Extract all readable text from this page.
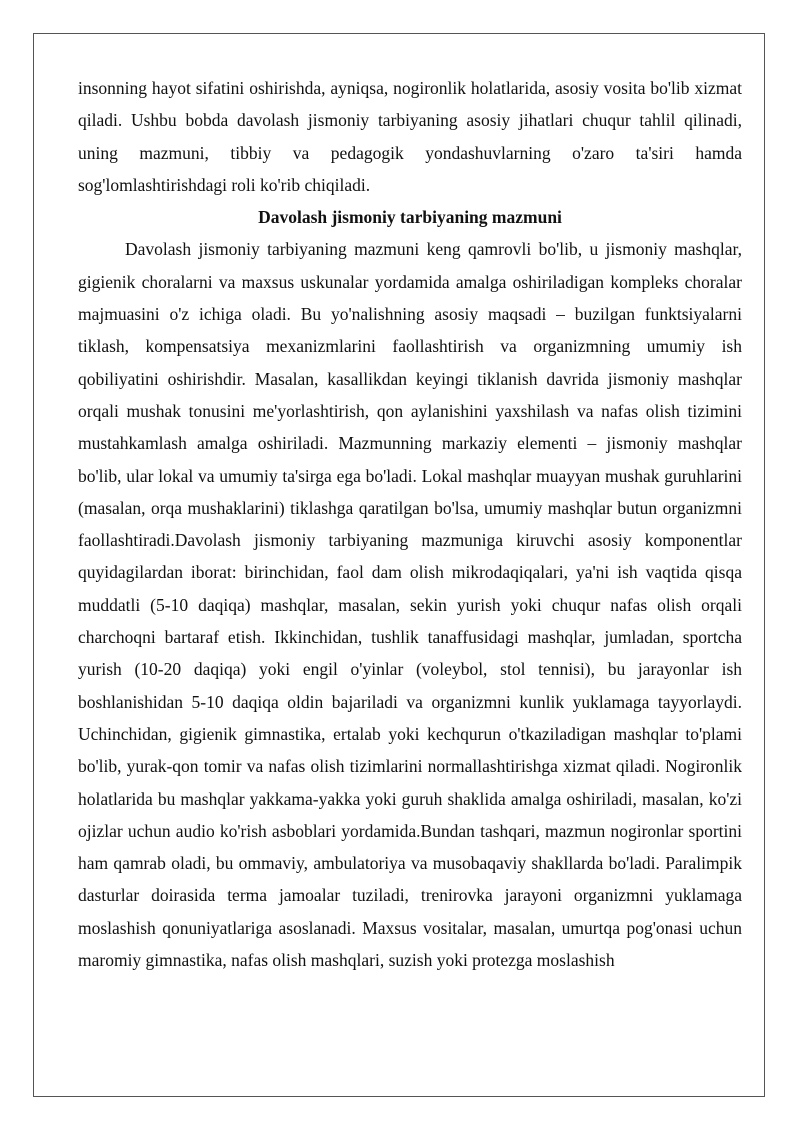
insonning hayot sifatini oshirishda, ayniqsa, nogironlik holatlarida, asosiy vosita bo'lib xizmat qiladi. Ushbu bobda davolash jismoniy tarbiyaning asosiy jihatlari chuqur tahlil qilinadi, uning mazmuni, tibbiy va pedagogik yondashuvlarning o'zaro ta'siri hamda sog'lomlashtirishdagi roli ko'rib chiqiladi.

Davolash jismoniy tarbiyaning mazmuni

Davolash jismoniy tarbiyaning mazmuni keng qamrovli bo'lib, u jismoniy mashqlar, gigienik choralarni va maxsus uskunalar yordamida amalga oshiriladigan kompleks choralar majmuasini o'z ichiga oladi. Bu yo'nalishning asosiy maqsadi – buzilgan funktsiyalarni tiklash, kompensatsiya mexanizmlarini faollashtirish va organizmning umumiy ish qobiliyatini oshirishdir. Masalan, kasallikdan keyingi tiklanish davrida jismoniy mashqlar orqali mushak tonusini me'yorlashtirish, qon aylanishini yaxshilash va nafas olish tizimini mustahkamlash amalga oshiriladi. Mazmunning markaziy elementi – jismoniy mashqlar bo'lib, ular lokal va umumiy ta'sirga ega bo'ladi. Lokal mashqlar muayyan mushak guruhlarini (masalan, orqa mushaklarini) tiklashga qaratilgan bo'lsa, umumiy mashqlar butun organizmni faollashtiradi.Davolash jismoniy tarbiyaning mazmuniga kiruvchi asosiy komponentlar quyidagilardan iborat: birinchidan, faol dam olish mikrodaqiqalari, ya'ni ish vaqtida qisqa muddatli (5-10 daqiqa) mashqlar, masalan, sekin yurish yoki chuqur nafas olish orqali charchoqni bartaraf etish. Ikkinchidan, tushlik tanaffusidagi mashqlar, jumladan, sportcha yurish (10-20 daqiqa) yoki engil o'yinlar (voleybol, stol tennisi), bu jarayonlar ish boshlanishidan 5-10 daqiqa oldin bajariladi va organizmni kunlik yuklamaga tayyorlaydi. Uchinchidan, gigienik gimnastika, ertalab yoki kechqurun o'tkaziladigan mashqlar to'plami bo'lib, yurak-qon tomir va nafas olish tizimlarini normallashtirishga xizmat qiladi. Nogironlik holatlarida bu mashqlar yakkama-yakka yoki guruh shaklida amalga oshiriladi, masalan, ko'zi ojizlar uchun audio ko'rish asboblari yordamida.Bundan tashqari, mazmun nogironlar sportini ham qamrab oladi, bu ommaviy, ambulatoriya va musobaqaviy shakllarda bo'ladi. Paralimpik dasturlar doirasida terma jamoalar tuziladi, trenirovka jarayoni organizmni yuklamaga moslashish qonuniyatlariga asoslanadi. Maxsus vositalar, masalan, umurtqa pog'onasi uchun maromiy gimnastika, nafas olish mashqlari, suzish yoki protezga moslashish
